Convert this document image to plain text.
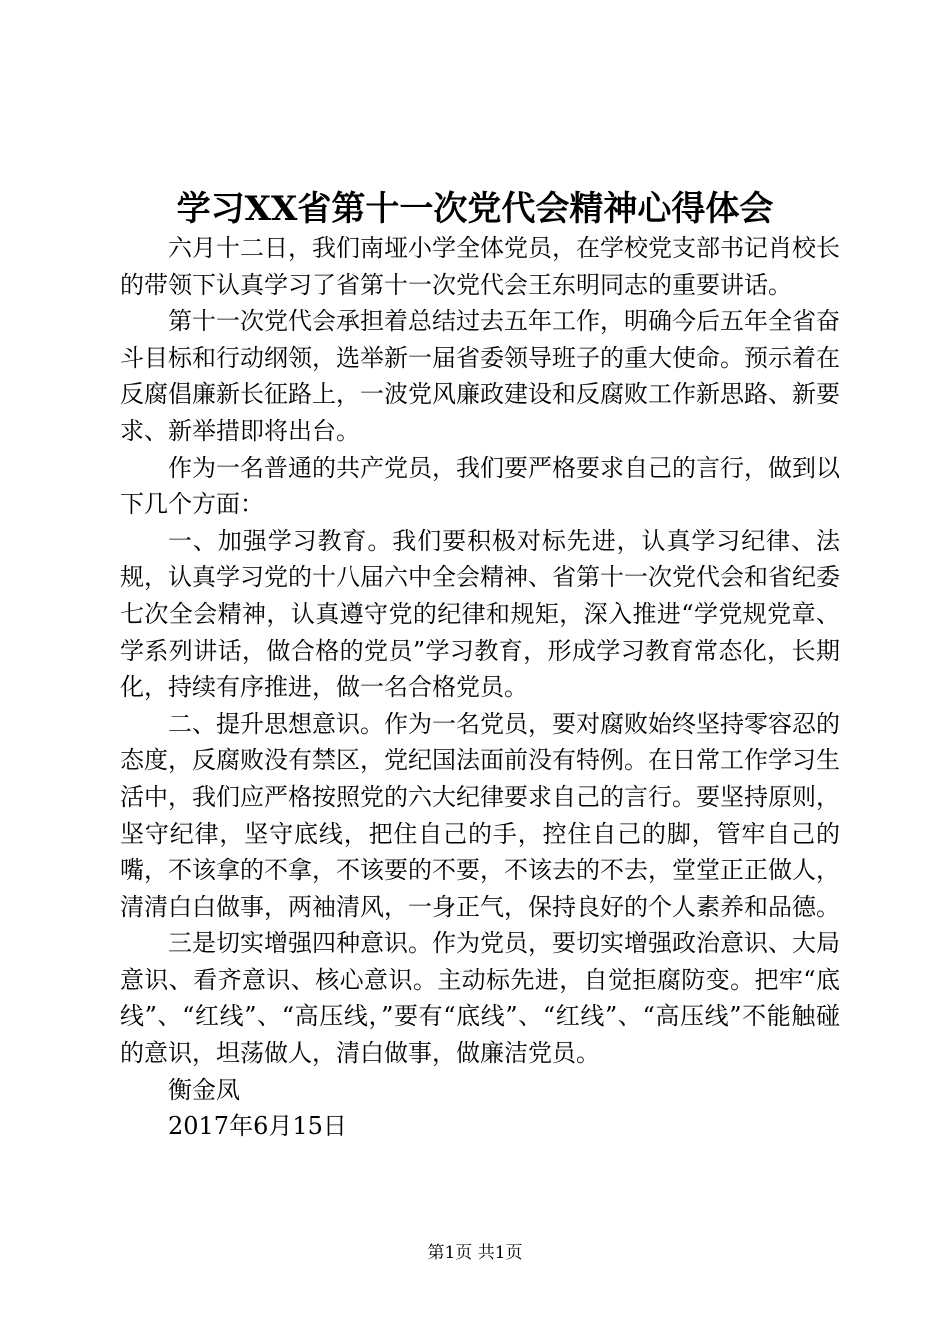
学习XX省第十一次党代会精神心得体会

六月十二日，我们南垭小学全体党员，在学校党支部书记肖校长的带领下认真学习了省第十一次党代会王东明同志的重要讲话。

第十一次党代会承担着总结过去五年工作，明确今后五年全省奋斗目标和行动纲领，选举新一届省委领导班子的重大使命。预示着在反腐倡廉新长征路上，一波党风廉政建设和反腐败工作新思路、新要求、新举措即将出台。

作为一名普通的共产党员，我们要严格要求自己的言行，做到以下几个方面：

一、加强学习教育。我们要积极对标先进，认真学习纪律、法规，认真学习党的十八届六中全会精神、省第十一次党代会和省纪委七次全会精神，认真遵守党的纪律和规矩，深入推进“学党规党章、学系列讲话，做合格的党员”学习教育，形成学习教育常态化，长期化，持续有序推进，做一名合格党员。

二、提升思想意识。作为一名党员，要对腐败始终坚持零容忍的态度，反腐败没有禁区，党纪国法面前没有特例。在日常工作学习生活中，我们应严格按照党的六大纪律要求自己的言行。要坚持原则，坚守纪律，坚守底线，把住自己的手，控住自己的脚，管牢自己的嘴，不该拿的不拿，不该要的不要，不该去的不去，堂堂正正做人，清清白白做事，两袖清风，一身正气，保持良好的个人素养和品德。

三是切实增强四种意识。作为党员，要切实增强政治意识、大局意识、看齐意识、核心意识。主动标先进，自觉拒腐防变。把牢“底线”、“红线”、“高压线，”要有“底线”、“红线”、“高压线”不能触碰的意识，坦荡做人，清白做事，做廉洁党员。

衡金凤
2017年6月15日
第1页 共1页
